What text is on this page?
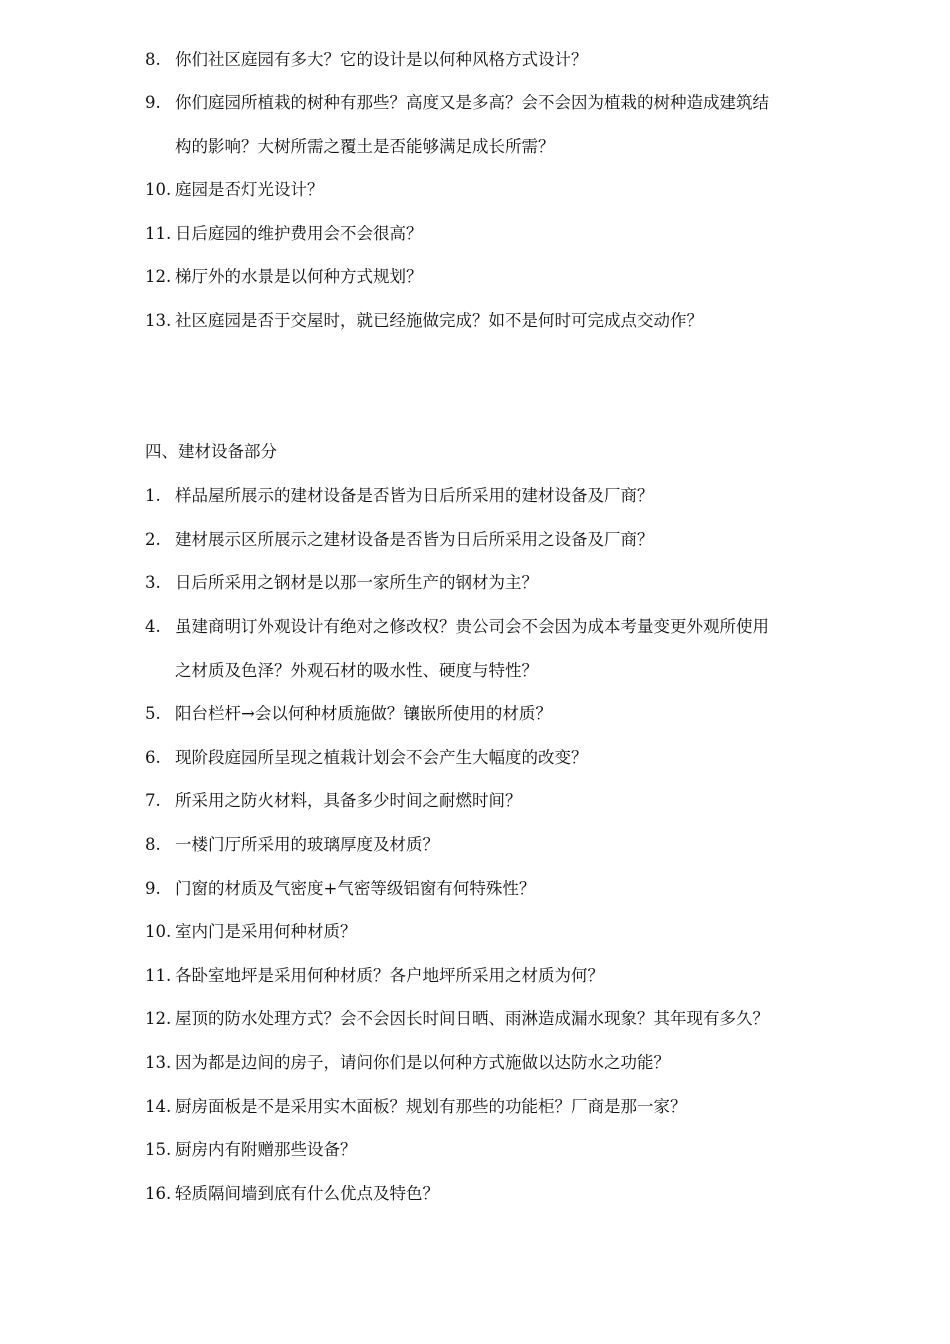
8. 你们社区庭园有多大？它的设计是以何种风格方式设计？
9. 你们庭园所植栽的树种有那些？高度又是多高？会不会因为植栽的树种造成建筑结
构的影响？大树所需之覆土是否能够满足成长所需？
10. 庭园是否灯光设计？
11. 日后庭园的维护费用会不会很高？
12. 梯厅外的水景是以何种方式规划？
13. 社区庭园是否于交屋时，就已经施做完成？如不是何时可完成点交动作？
四、建材设备部分
1. 样品屋所展示的建材设备是否皆为日后所采用的建材设备及厂商？
2. 建材展示区所展示之建材设备是否皆为日后所采用之设备及厂商？
3. 日后所采用之钢材是以那一家所生产的钢材为主？
4. 虽建商明订外观设计有绝对之修改权？贵公司会不会因为成本考量变更外观所使用
之材质及色泽？外观石材的吸水性、硬度与特性？
5. 阳台栏杆→会以何种材质施做？镶嵌所使用的材质？
6. 现阶段庭园所呈现之植栽计划会不会产生大幅度的改变？
7. 所采用之防火材料，具备多少时间之耐燃时间？
8. 一楼门厅所采用的玻璃厚度及材质？
9. 门窗的材质及气密度+气密等级铝窗有何特殊性？
10. 室内门是采用何种材质？
11. 各卧室地坪是采用何种材质？各户地坪所采用之材质为何？
12. 屋顶的防水处理方式？会不会因长时间日晒、雨淋造成漏水现象？其年现有多久？
13. 因为都是边间的房子，请问你们是以何种方式施做以达防水之功能？
14. 厨房面板是不是采用实木面板？规划有那些的功能柜？厂商是那一家？
15. 厨房内有附赠那些设备？
16. 轻质隔间墙到底有什么优点及特色？
